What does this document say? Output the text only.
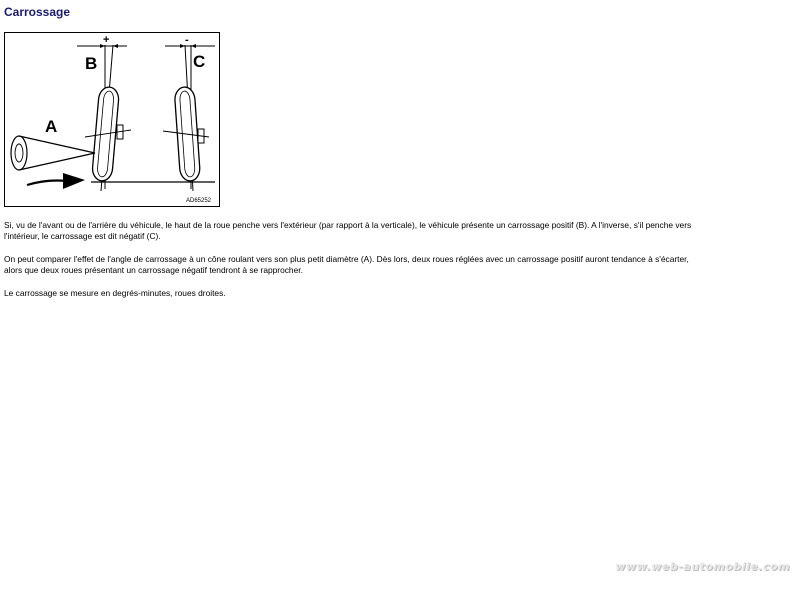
Carrossage
+
B
-
C
A
AD65252

Si, vu de l'avant ou de l'arrière du véhicule, le haut de la roue penche vers l'extérieur (par rapport à la verticale), le véhicule présente un carrossage positif (B). A l'inverse, s'il penche vers l'intérieur, le carrossage est dit négatif (C).

On peut comparer l'effet de l'angle de carrossage à un cône roulant vers son plus petit diamètre (A). Dès lors, deux roues réglées avec un carrossage positif auront tendance à s'écarter, alors que deux roues présentant un carrossage négatif tendront à se rapprocher.

Le carrossage se mesure en degrés-minutes, roues droites.

www.web-automobile.com
